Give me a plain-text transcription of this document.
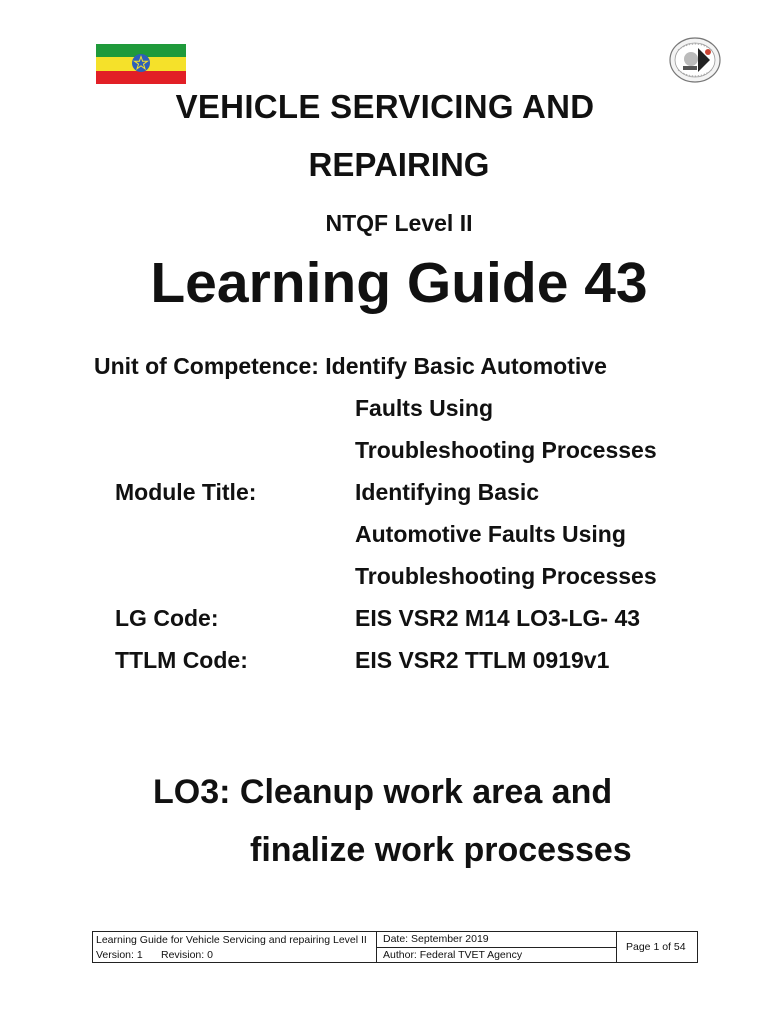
VEHICLE SERVICING AND
REPAIRING
NTQF Level II
Learning Guide 43
Unit of Competence: Identify Basic Automotive
Faults Using
Troubleshooting Processes
Module Title:	Identifying Basic
Automotive Faults Using
Troubleshooting Processes
LG Code:	EIS VSR2 M14 LO3-LG- 43
TTLM Code:	EIS VSR2 TTLM 0919v1
LO3: Cleanup work area and
finalize work processes
Learning Guide for Vehicle Servicing and repairing Level II
Version: 1 Revision: 0
Date: September 2019
Author: Federal TVET Agency
Page 1 of 54
